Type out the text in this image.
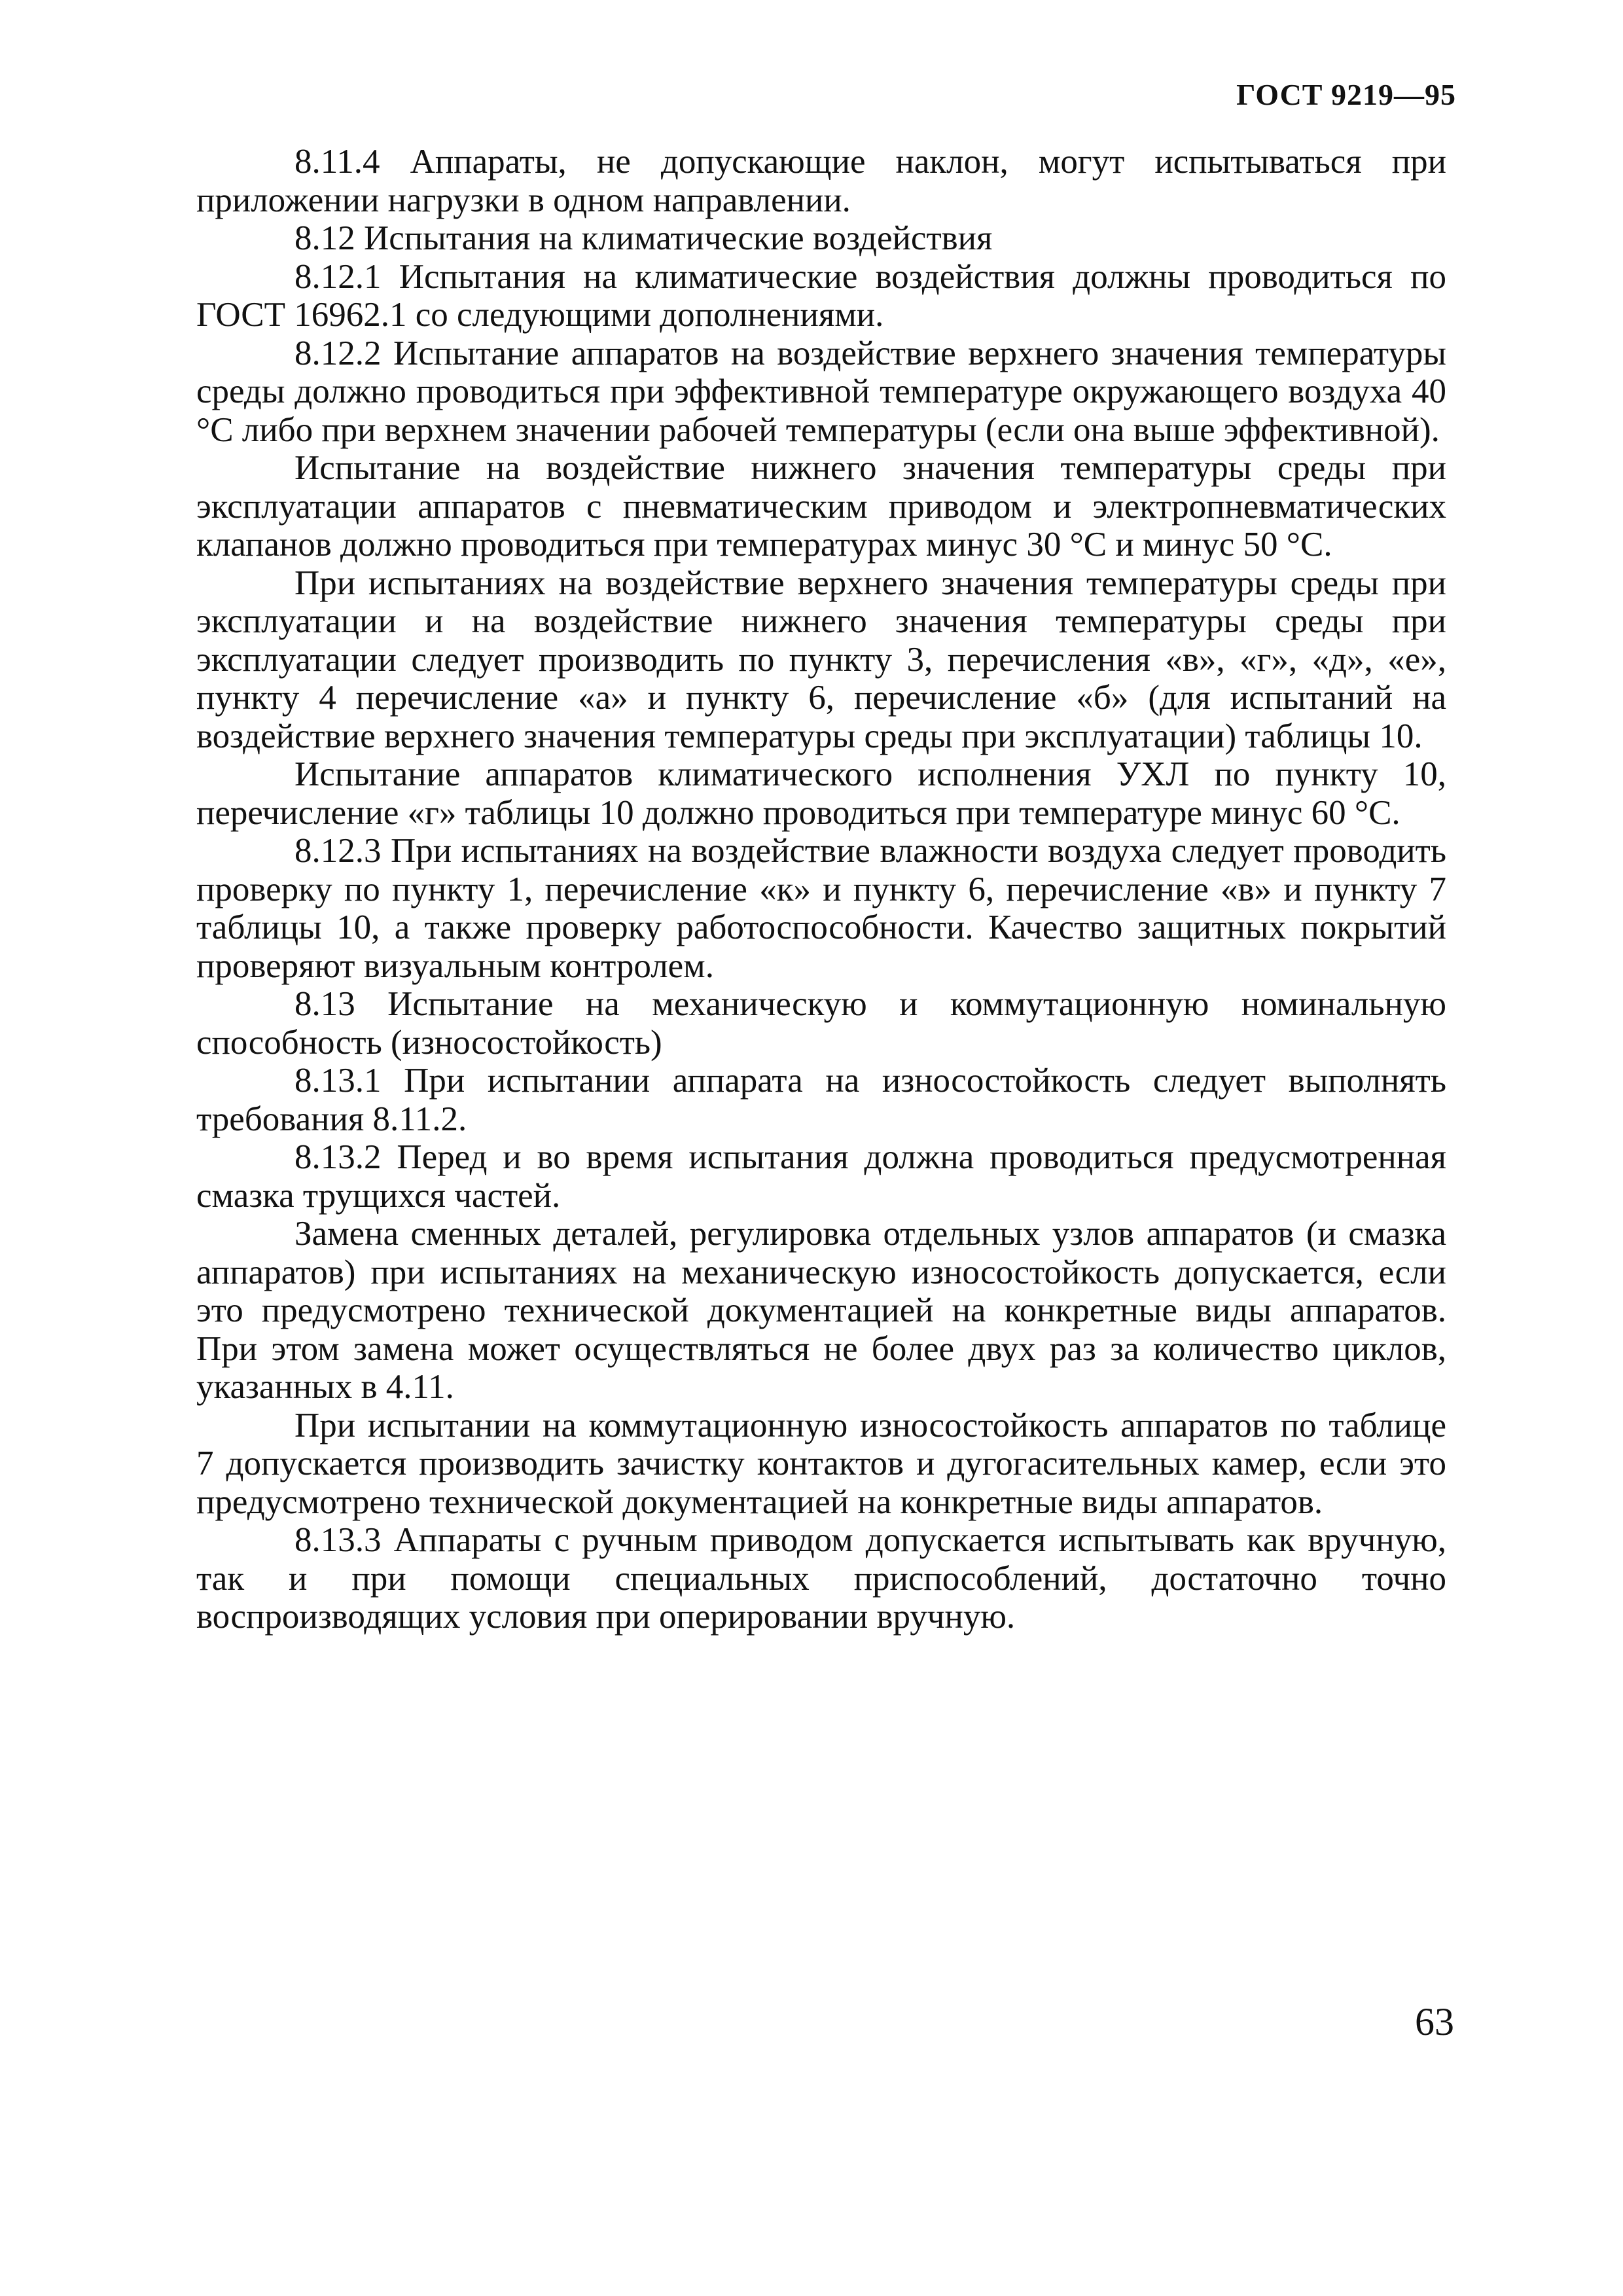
ГОСТ 9219—95

8.11.4 Аппараты, не допускающие наклон, могут испытываться при приложении нагрузки в одном направлении.

8.12 Испытания на климатические воздействия

8.12.1 Испытания на климатические воздействия должны проводиться по ГОСТ 16962.1 со следующими дополнениями.

8.12.2 Испытание аппаратов на воздействие верхнего значения температуры среды должно проводиться при эффективной температуре окружающего воздуха 40 °С либо при верхнем значении рабочей температуры (если она выше эффективной).

Испытание на воздействие нижнего значения температуры среды при эксплуатации аппаратов с пневматическим приводом и электропневматических клапанов должно проводиться при температурах минус 30 °С и минус 50 °С.

При испытаниях на воздействие верхнего значения температуры среды при эксплуатации и на воздействие нижнего значения температуры среды при эксплуатации следует производить по пункту 3, перечисления «в», «г», «д», «е», пункту 4 перечисление «а» и пункту 6, перечисление «б» (для испытаний на воздействие верхнего значения температуры среды при эксплуатации) таблицы 10.

Испытание аппаратов климатического исполнения УХЛ по пункту 10, перечисление «г» таблицы 10 должно проводиться при температуре минус 60 °С.

8.12.3 При испытаниях на воздействие влажности воздуха следует проводить проверку по пункту 1, перечисление «к» и пункту 6, перечисление «в» и пункту 7 таблицы 10, а также проверку работоспособности. Качество защитных покрытий проверяют визуальным контролем.

8.13 Испытание на механическую и коммутационную номинальную способность (износостойкость)

8.13.1 При испытании аппарата на износостойкость следует выполнять требования 8.11.2.

8.13.2 Перед и во время испытания должна проводиться предусмотренная смазка трущихся частей.

Замена сменных деталей, регулировка отдельных узлов аппаратов (и смазка аппаратов) при испытаниях на механическую износостойкость допускается, если это предусмотрено технической документацией на конкретные виды аппаратов. При этом замена может осуществляться не более двух раз за количество циклов, указанных в 4.11.

При испытании на коммутационную износостойкость аппаратов по таблице 7 допускается производить зачистку контактов и дугогасительных камер, если это предусмотрено технической документацией на конкретные виды аппаратов.

8.13.3 Аппараты с ручным приводом допускается испытывать как вручную, так и при помощи специальных приспособлений, достаточно точно воспроизводящих условия при оперировании вручную.

63
